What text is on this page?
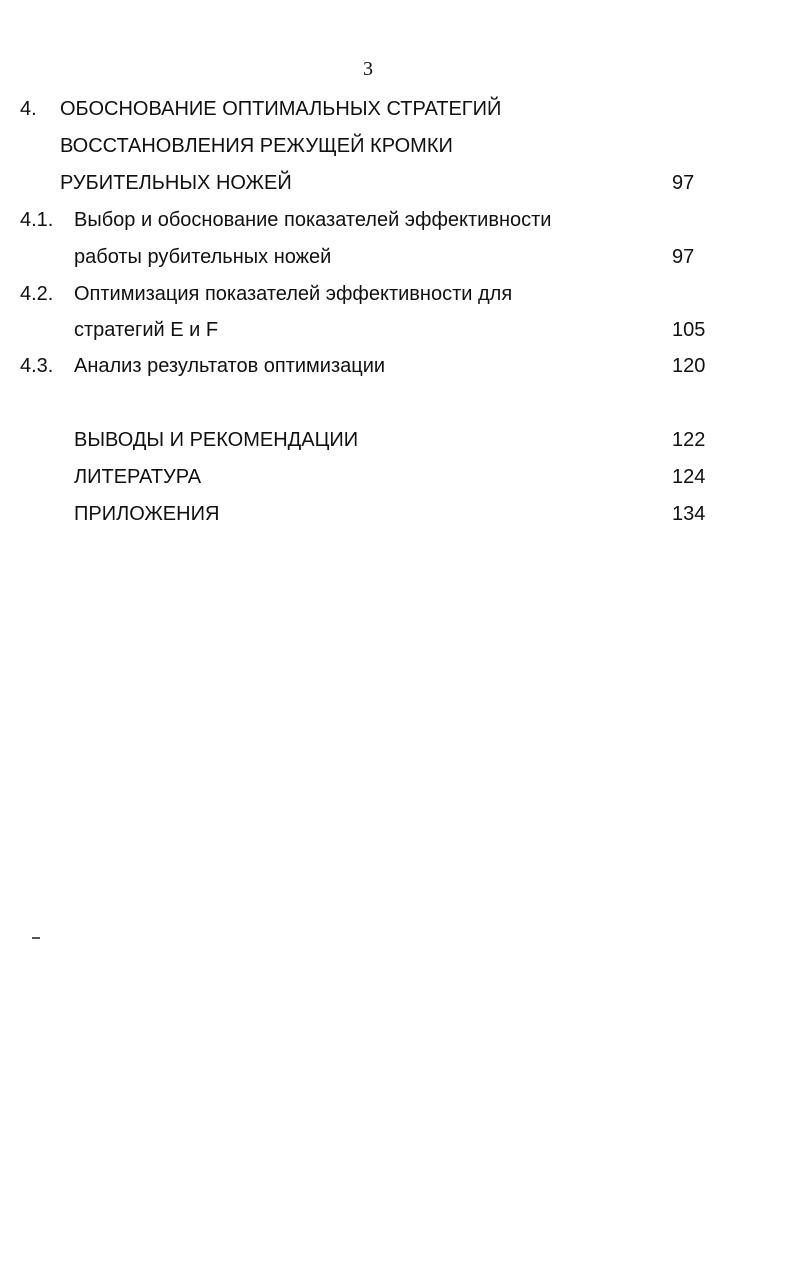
3
4. ОБОСНОВАНИЕ ОПТИМАЛЬНЫХ СТРАТЕГИЙ
ВОССТАНОВЛЕНИЯ РЕЖУЩЕЙ КРОМКИ
РУБИТЕЛЬНЫХ НОЖЕЙ	97
4.1. Выбор и обоснование показателей эффективности
работы рубительных ножей	97
4.2. Оптимизация показателей эффективности для
стратегий E и F	105
4.3. Анализ результатов оптимизации	120
ВЫВОДЫ И РЕКОМЕНДАЦИИ	122
ЛИТЕРАТУРА	124
ПРИЛОЖЕНИЯ	134
